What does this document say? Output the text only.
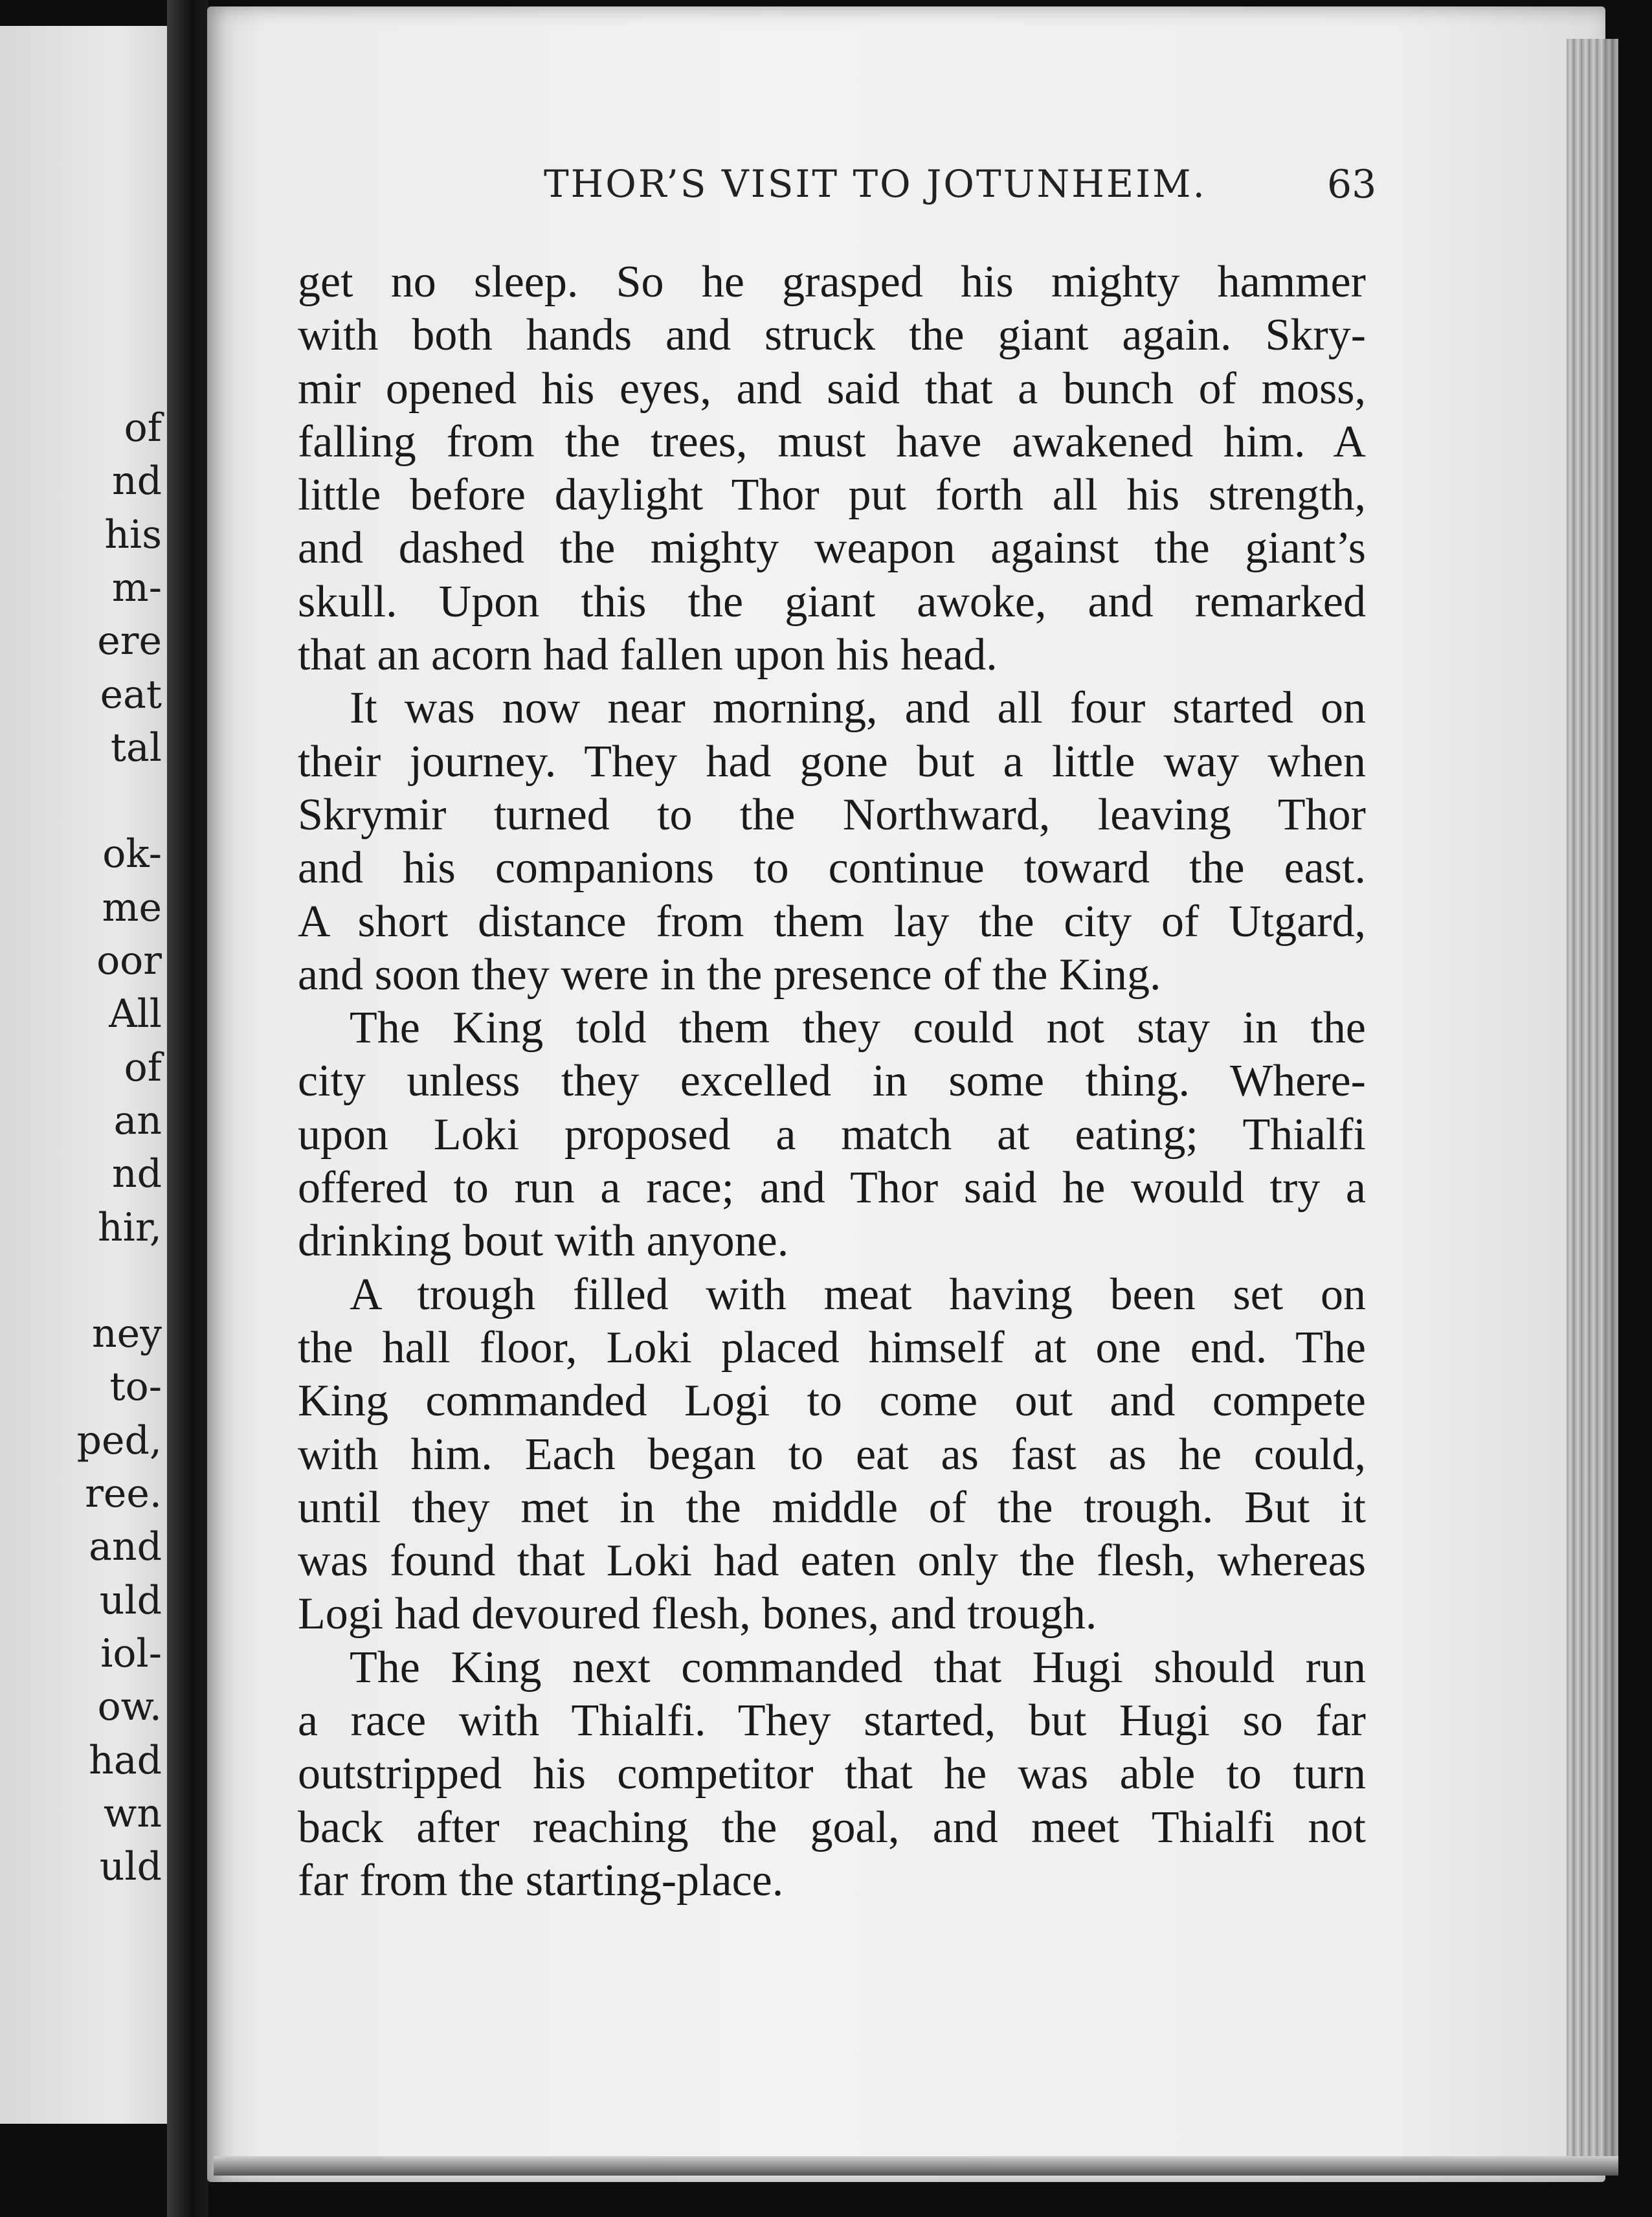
of
nd
his
m-
ere
eat
tal
ok-
me
oor
All
of
an
nd
hir,
ney
to-
ped,
ree.
and
uld
iol-
ow.
had
wn
uld
THOR’S VISIT TO JOTUNHEIM.	63
get no sleep. So he grasped his mighty hammer
with both hands and struck the giant again. Skry-
mir opened his eyes, and said that a bunch of moss,
falling from the trees, must have awakened him. A
little before daylight Thor put forth all his strength,
and dashed the mighty weapon against the giant’s
skull. Upon this the giant awoke, and remarked
that an acorn had fallen upon his head.
It was now near morning, and all four started on
their journey. They had gone but a little way when
Skrymir turned to the Northward, leaving Thor
and his companions to continue toward the east.
A short distance from them lay the city of Utgard,
and soon they were in the presence of the King.
The King told them they could not stay in the
city unless they excelled in some thing. Where-
upon Loki proposed a match at eating; Thialfi
offered to run a race; and Thor said he would try a
drinking bout with anyone.
A trough filled with meat having been set on
the hall floor, Loki placed himself at one end. The
King commanded Logi to come out and compete
with him. Each began to eat as fast as he could,
until they met in the middle of the trough. But it
was found that Loki had eaten only the flesh, whereas
Logi had devoured flesh, bones, and trough.
The King next commanded that Hugi should run
a race with Thialfi. They started, but Hugi so far
outstripped his competitor that he was able to turn
back after reaching the goal, and meet Thialfi not
far from the starting-place.
